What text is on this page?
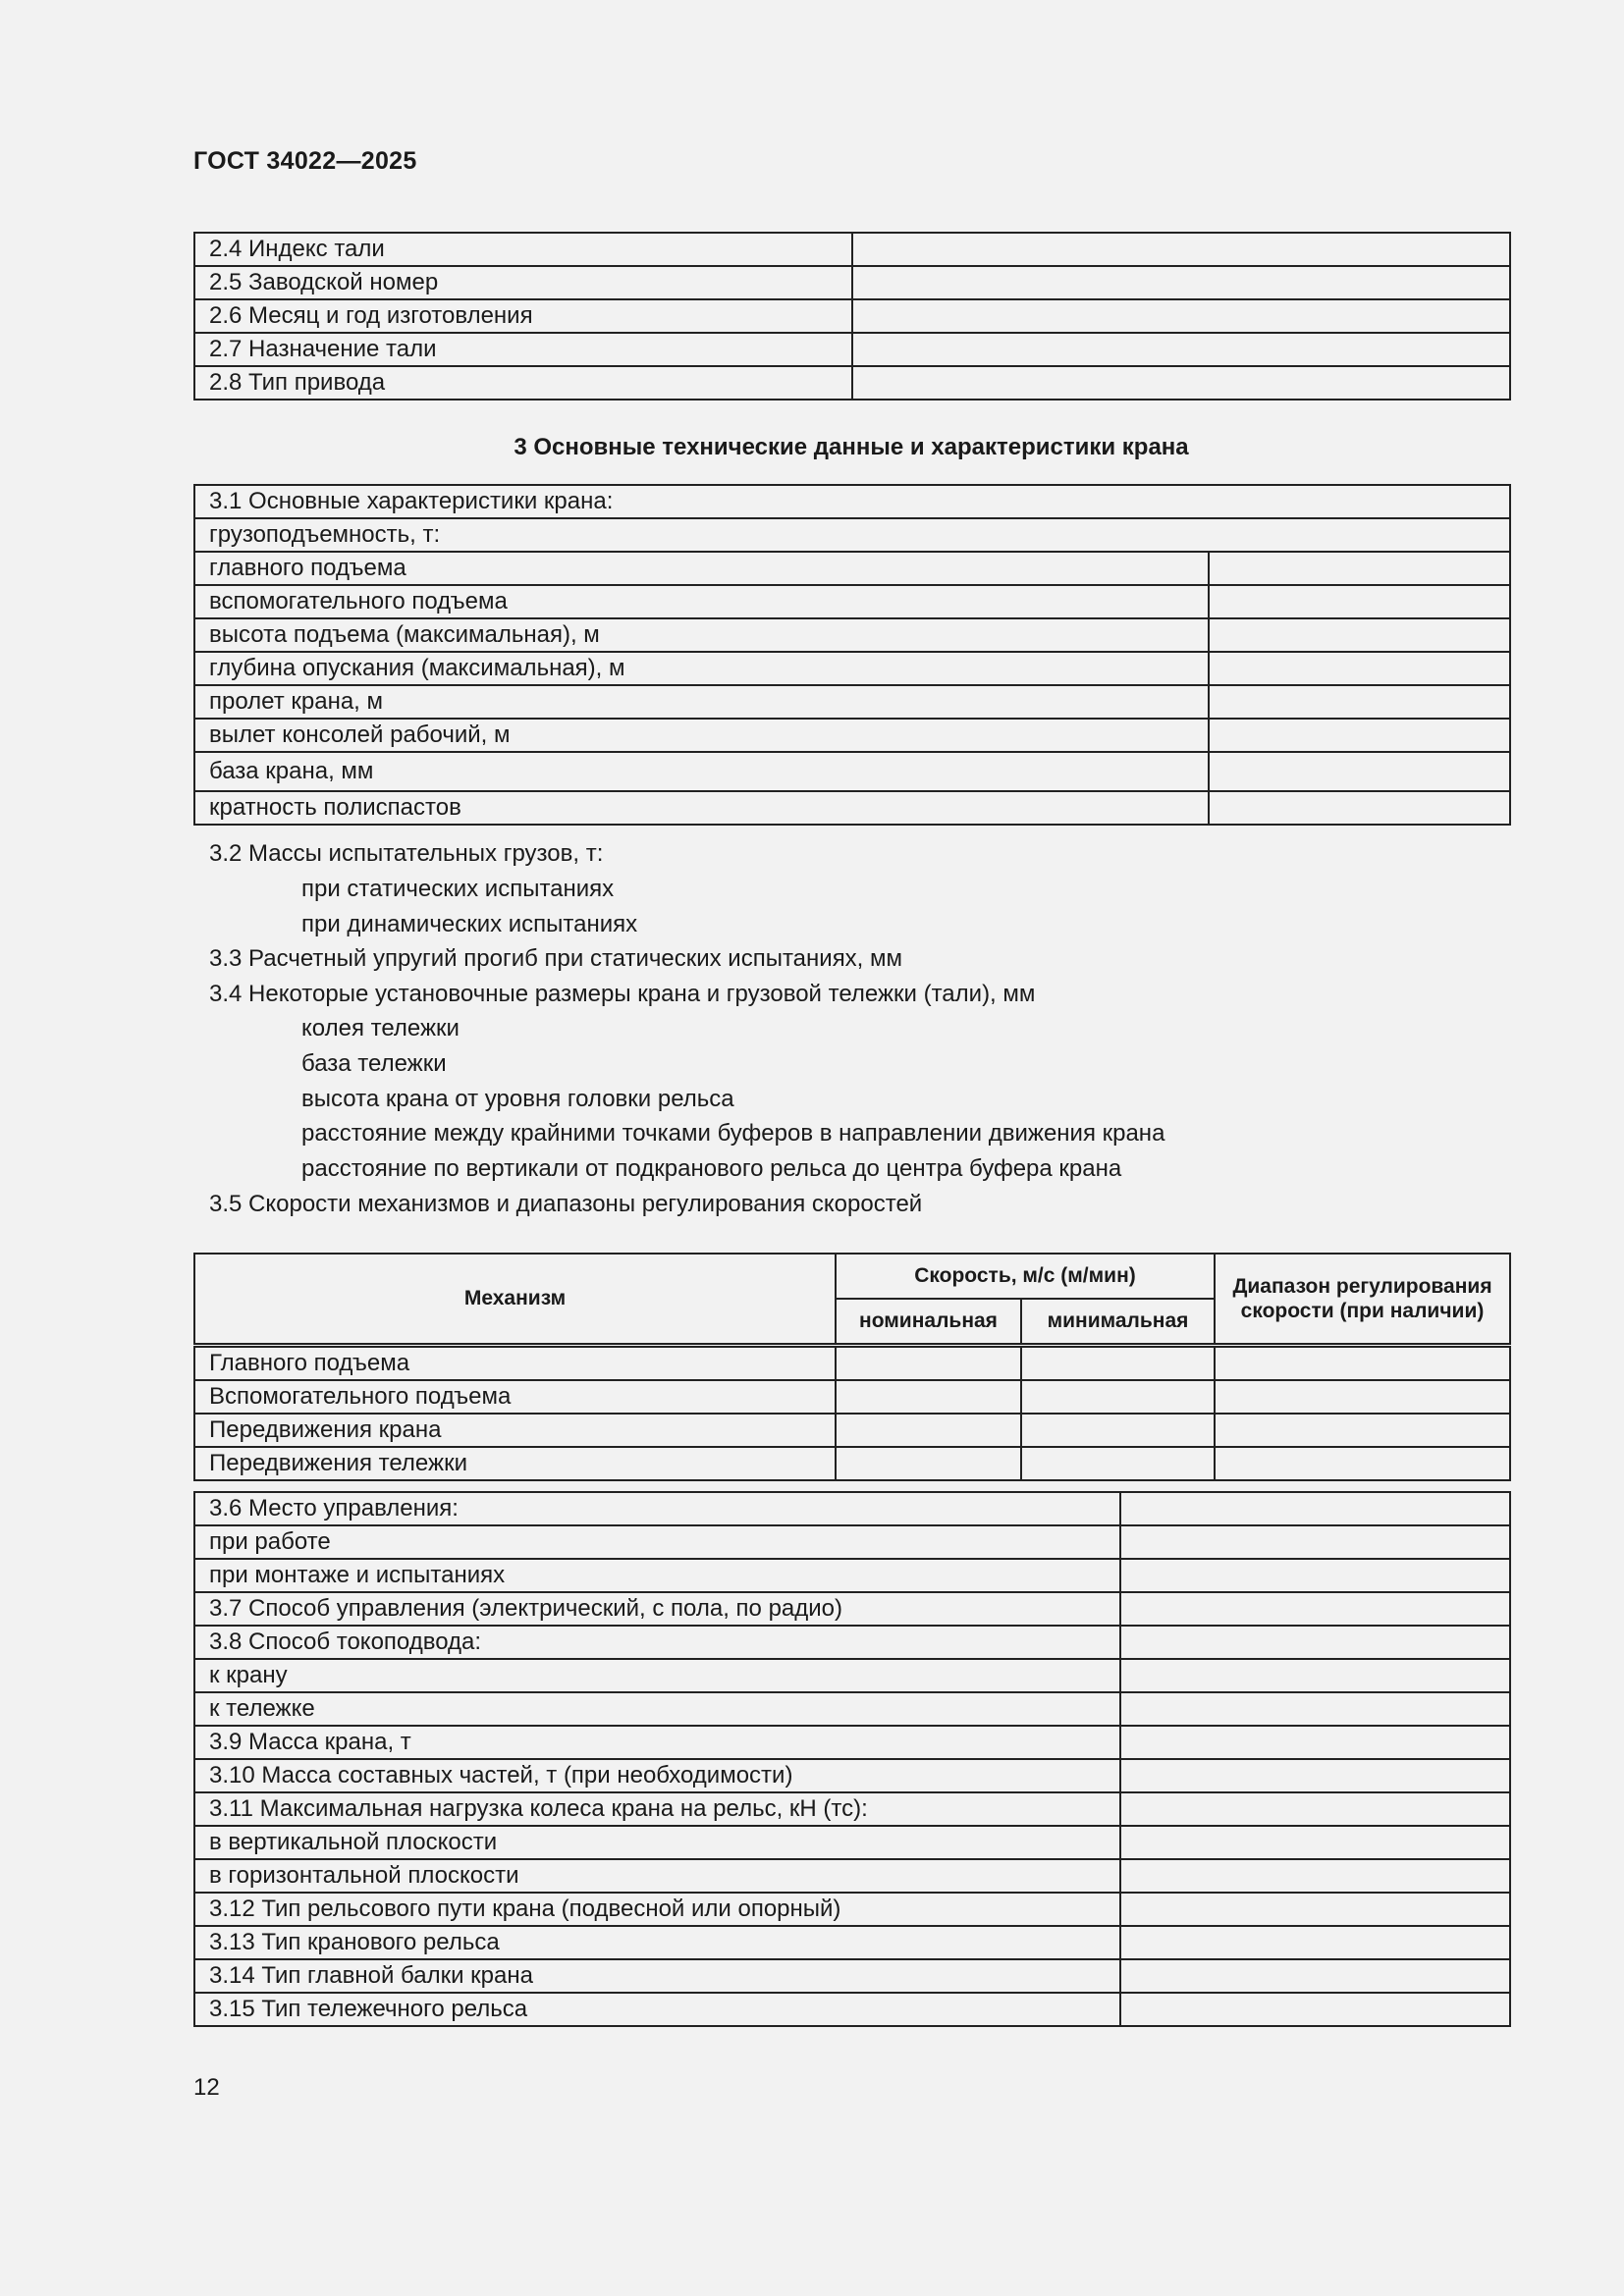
ГОСТ 34022—2025
2.4 Индекс тали	
2.5 Заводской номер	
2.6 Месяц и год изготовления	
2.7 Назначение тали	
2.8 Тип привода	
3 Основные технические данные и характеристики крана
3.1 Основные характеристики крана:	
грузоподъемность, т:	
главного подъема	
вспомогательного подъема	
высота подъема (максимальная), м	
глубина опускания (максимальная), м	
пролет крана, м	
вылет консолей рабочий, м	
база крана, мм	
кратность полиспастов	
3.2 Массы испытательных грузов, т:
при статических испытаниях
при динамических испытаниях
3.3 Расчетный упругий прогиб при статических испытаниях, мм
3.4 Некоторые установочные размеры крана и грузовой тележки (тали), мм
колея тележки
база тележки
высота крана от уровня головки рельса
расстояние между крайними точками буферов в направлении движения крана
расстояние по вертикали от подкранового рельса до центра буфера крана
3.5 Скорости механизмов и диапазоны регулирования скоростей
Механизм	Скорость, м/с (м/мин)		Диапазон регулирования скорости (при наличии)
	номинальная	минимальная	
Главного подъема			
Вспомогательного подъема			
Передвижения крана			
Передвижения тележки			
3.6 Место управления:	
при работе	
при монтаже и испытаниях	
3.7 Способ управления (электрический, с пола, по радио)	
3.8 Способ токоподвода:	
к крану	
к тележке	
3.9 Масса крана, т	
3.10 Масса составных частей, т (при необходимости)	
3.11 Максимальная нагрузка колеса крана на рельс, кН (тс):	
в вертикальной плоскости	
в горизонтальной плоскости	
3.12 Тип рельсового пути крана (подвесной или опорный)	
3.13 Тип кранового рельса	
3.14 Тип главной балки крана	
3.15 Тип тележечного рельса	
12
